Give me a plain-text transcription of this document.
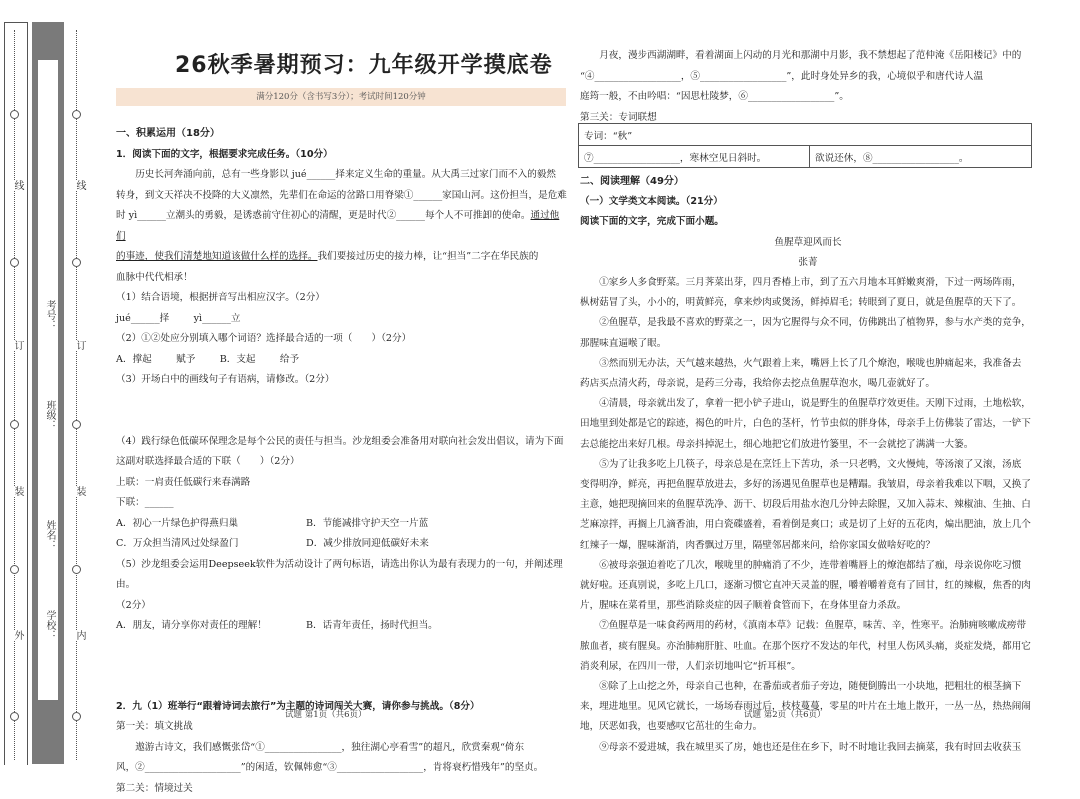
线
订
装
外
线
订
装
内
考号：
班级：
姓名：
学校：
26秋季暑期预习：九年级开学摸底卷
满分120分（含书写3分）；考试时间120分钟
一、积累运用（18分）
1．阅读下面的文字，根据要求完成任务。（10分）

历史长河奔涌向前，总有一些身影以 jué______择来定义生命的重量。从大禹三过家门而不入的毅然

转身，到文天祥决不投降的大义凛然，先辈们在命运的岔路口用脊梁①______家国山河。这份担当，是危难

时 yì______立潮头的勇毅，是诱惑前守住初心的清醒，更是时代②______每个人不可推卸的使命。通过他们

的事迹，使我们清楚地知道该做什么样的选择。我们要接过历史的接力棒，让“担当”二字在华民族的

血脉中代代相承！

（1）结合语境，根据拼音写出相应汉字。（2分）

jué______择        yì______立

（2）①②处应分别填入哪个词语？选择最合适的一项（　　）（2分）

A．撑起        赋予        B．支起        给予

（3）开场白中的画线句子有语病，请修改。（2分）

（4）践行绿色低碳环保理念是每个公民的责任与担当。沙龙组委会准备用对联向社会发出倡议，请为下面

这副对联选择最合适的下联（　　）（2分）

上联：一肩责任低碳行来春满路

下联：______

A．初心一片绿色护得燕归巢	B．节能减排守护天空一片蓝
C．万众担当清风过处绿盈门	D．减少排放同迎低碳好未来

（5）沙龙组委会运用Deepseek软件为活动设计了两句标语，请选出你认为最有表现力的一句，并阐述理由。

（2分）

A．朋友，请分享你对责任的理解！	B．话青年责任，扬时代担当。
2．九（1）班举行“跟着诗词去旅行”为主题的诗词闯关大赛，请你参与挑战。（8分）

第一关：填文挑战

遨游古诗文，我们感慨张岱“①________________，独往湖心亭看雪”的超凡，欣赏秦观“倚东

风，②____________________”的闲适，钦佩韩愈“③__________________，肯将衰朽惜残年”的坚贞。

第二关：情境过关

试题 第1页（共6页）

月夜，漫步西湖湖畔，看着湖面上闪动的月光和那湖中月影，我不禁想起了范仲淹《岳阳楼记》中的

“④__________________，⑤__________________”，此时身处异乡的我，心境似乎和唐代诗人温

庭筠一般，不由吟唱：“因思杜陵梦，⑥__________________”。

第三关：专词联想

专词：“秋”
⑦__________________，寒林空见日斜时。	欲说还休，⑧__________________。
二、阅读理解（49分）
（一）文学类文本阅读。（21分）
阅读下面的文字，完成下面小题。

鱼腥草迎风而长

张菁

①家乡人多食野菜。三月荠菜出芽，四月香椿上市，到了五六月地本耳鲜嫩爽滑，下过一两场阵雨，

枞树菇冒了头，小小的，明黄鲜亮，拿来炒肉或煲汤，鲜掉眉毛；转眼到了夏日，就是鱼腥草的天下了。

②鱼腥草，是我最不喜欢的野菜之一，因为它腥得与众不同，仿佛跳出了植物界，参与水产类的竞争，

那腥味直逼喉了眼。

③然而别无办法，天气越来越热，火气跟着上来，嘴唇上长了几个燎泡，喉咙也肿痛起来，我准备去

药店买点清火药，母亲说，是药三分毒，我给你去挖点鱼腥草泡水，喝几壶就好了。

④清晨，母亲就出发了，拿着一把小铲子进山，说是野生的鱼腥草疗效更佳。天刚下过雨，土地松软，

田地里到处都是它的踪迹，褐色的叶片，白色的茎杆，竹节虫似的胖身体，母亲手上仿佛装了雷达，一铲下

去总能挖出来好几根。母亲抖掉泥土，细心地把它们放进竹篓里，不一会就挖了满满一大篓。

⑤为了让我多吃上几筷子，母亲总是在烹饪上下苦功，杀一只老鸭，文火慢炖，等汤滚了又滚，汤底

变得明净，鲜亮，再把鱼腥草放进去，多好的汤遇见鱼腥草也是糟蹋。我皱眉，母亲着我难以下咽，又换了

主意，她把现摘回来的鱼腥草洗净、沥干、切段后用盐水泡几分钟去除腥，又加入蒜末、辣椒油、生抽、白

芝麻凉拌，再搁上几滴香油，用白瓷碟盛着，看着倒是爽口；或是切了上好的五花肉，煸出肥油，放上几个

红辣子一爆，腥味渐消，肉香飘过万里，隔壁邻居都来问，给你家国女做啥好吃的？

⑥被母亲强迫着吃了几次，喉咙里的肿痛消了不少，连带着嘴唇上的燎泡都结了痂，母亲说你吃习惯

就好啦。还真别说，多吃上几口，逐渐习惯它直冲天灵盖的腥，嚼着嚼着竟有了回甘，红的辣椒，焦香的肉

片，腥味在菜肴里，那些消除炎症的因子顺着食管而下，在身体里奋力杀敌。

⑦鱼腥草是一味食药两用的药材，《滇南本草》记载：鱼腥草，味苦、辛，性寒平。治肺痈咳嗽成痨带

脓血者，痰有腥臭。亦治肺痈肝脏、吐血。在那个医疗不发达的年代，村里人伤风头痛，炎症发烧，都用它

消炎利尿，在四川一带，人们亲切地叫它“折耳根”。

⑧除了上山挖之外，母亲自己也种，在番茄或者茄子旁边，随便倒腾出一小块地，把粗壮的根茎摘下

来，埋进地里。见风它就长，一场场春雨过后，枝枝蔓蔓，零星的叶片在土地上散开，一丛一丛，热热闹闹

地，厌恶如我，也要感叹它茁壮的生命力。

⑨母亲不爱进城，我在城里买了房，她也还是住在乡下，时不时地让我回去摘菜，我有时回去收获玉

试题 第2页（共6页）
